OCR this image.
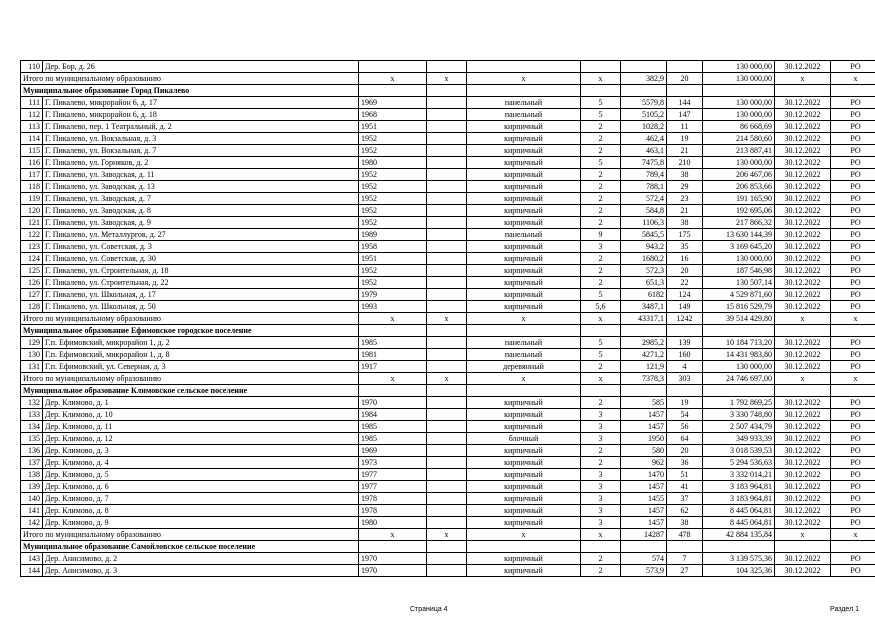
110	Дер. Бор, д. 26							130 000,00	30.12.2022	РО
Итого по муниципальному образованию		x	x	x	x	382,9	20	130 000,00	x	x
Муниципальное образование Город Пикалево										
111	Г. Пикалево, микрорайон 6, д. 17	1969		панельный	5	5579,8	144	130 000,00	30.12.2022	РО
112	Г. Пикалево, микрорайон 6, д. 18	1968		панельный	5	5105,2	147	130 000,00	30.12.2022	РО
113	Г. Пикалево, пер. 1 Театральный, д. 2	1951		кирпичный	2	1028,2	11	86 668,69	30.12.2022	РО
114	Г. Пикалево, ул. Вокзальная, д. 3	1952		кирпичный	2	462,4	19	214 580,60	30.12.2022	РО
115	Г. Пикалево, ул. Вокзальная, д. 7	1952		кирпичный	2	463,1	21	213 887,41	30.12.2022	РО
116	Г. Пикалево, ул. Горняков, д. 2	1980		кирпичный	5	7475,8	210	130 000,00	30.12.2022	РО
117	Г. Пикалево, ул. Заводская, д. 11	1952		кирпичный	2	789,4	38	206 467,06	30.12.2022	РО
118	Г. Пикалево, ул. Заводская, д. 13	1952		кирпичный	2	788,1	29	206 853,66	30.12.2022	РО
119	Г. Пикалево, ул. Заводская, д. 7	1952		кирпичный	2	572,4	23	191 165,90	30.12.2022	РО
120	Г. Пикалево, ул. Заводская, д. 8	1952		кирпичный	2	584,8	21	192 695,06	30.12.2022	РО
121	Г. Пикалево, ул. Заводская, д. 9	1952		кирпичный	2	1106,3	38	217 866,32	30.12.2022	РО
122	Г. Пикалево, ул. Металлургов, д. 27	1989		панельный	9	5845,5	175	13 630 144,39	30.12.2022	РО
123	Г. Пикалево, ул. Советская, д. 3	1958		кирпичный	3	943,2	35	3 169 645,20	30.12.2022	РО
124	Г. Пикалево, ул. Советская, д. 30	1951		кирпичный	2	1680,2	16	130 000,00	30.12.2022	РО
125	Г. Пикалево, ул. Строительная, д. 18	1952		кирпичный	2	572,3	20	187 546,98	30.12.2022	РО
126	Г. Пикалево, ул. Строительная, д. 22	1952		кирпичный	2	651,3	22	130 507,14	30.12.2022	РО
127	Г. Пикалево, ул. Школьная, д. 17	1979		кирпичный	5	6182	124	4 529 871,60	30.12.2022	РО
128	Г. Пикалево, ул. Школьная, д. 50	1993		кирпичный	5,6	3487,1	149	15 816 529,79	30.12.2022	РО
Итого по муниципальному образованию		x	x	x	x	43317,1	1242	39 514 429,80	x	x
Муниципальное образование Ефимовское городское поселение										
129	Г.п. Ефимовский, микрорайон 1, д. 2	1985		панельный	5	2985,2	139	10 184 713,20	30.12.2022	РО
130	Г.п. Ефимовский, микрорайон 1, д. 8	1981		панельный	5	4271,2	160	14 431 983,80	30.12.2022	РО
131	Г.п. Ефимовский, ул. Северная, д. 3	1917		деревянный	2	121,9	4	130 000,00	30.12.2022	РО
Итого по муниципальному образованию		x	x	x	x	7378,3	303	24 746 697,00	x	x
Муниципальное образование Климовское сельское поселение										
132	Дер. Климово, д. 1	1970		кирпичный	2	585	19	1 792 869,25	30.12.2022	РО
133	Дер. Климово, д. 10	1984		кирпичный	3	1457	54	3 330 748,80	30.12.2022	РО
134	Дер. Климово, д. 11	1985		кирпичный	3	1457	56	2 507 434,79	30.12.2022	РО
135	Дер. Климово, д. 12	1985		блочный	3	1950	64	349 933,39	30.12.2022	РО
136	Дер. Климово, д. 3	1969		кирпичный	2	580	20	3 018 539,53	30.12.2022	РО
137	Дер. Климово, д. 4	1973		кирпичный	2	962	36	5 294 536,63	30.12.2022	РО
138	Дер. Климово, д. 5	1977		кирпичный	3	1470	51	3 332 014,21	30.12.2022	РО
139	Дер. Климово, д. 6	1977		кирпичный	3	1457	41	3 183 964,81	30.12.2022	РО
140	Дер. Климово, д. 7	1978		кирпичный	3	1455	37	3 183 964,81	30.12.2022	РО
141	Дер. Климово, д. 8	1978		кирпичный	3	1457	62	8 445 064,81	30.12.2022	РО
142	Дер. Климово, д. 9	1980		кирпичный	3	1457	38	8 445 064,81	30.12.2022	РО
Итого по муниципальному образованию		x	x	x	x	14287	478	42 884 135,84	x	x
Муниципальное образование Самойловское сельское поселение										
143	Дер. Анисимово, д. 2	1970		кирпичный	2	574	7	3 139 575,36	30.12.2022	РО
144	Дер. Анисимово, д. 3	1970		кирпичный	2	573,9	27	104 325,36	30.12.2022	РО
Страница 4	Раздел 1
